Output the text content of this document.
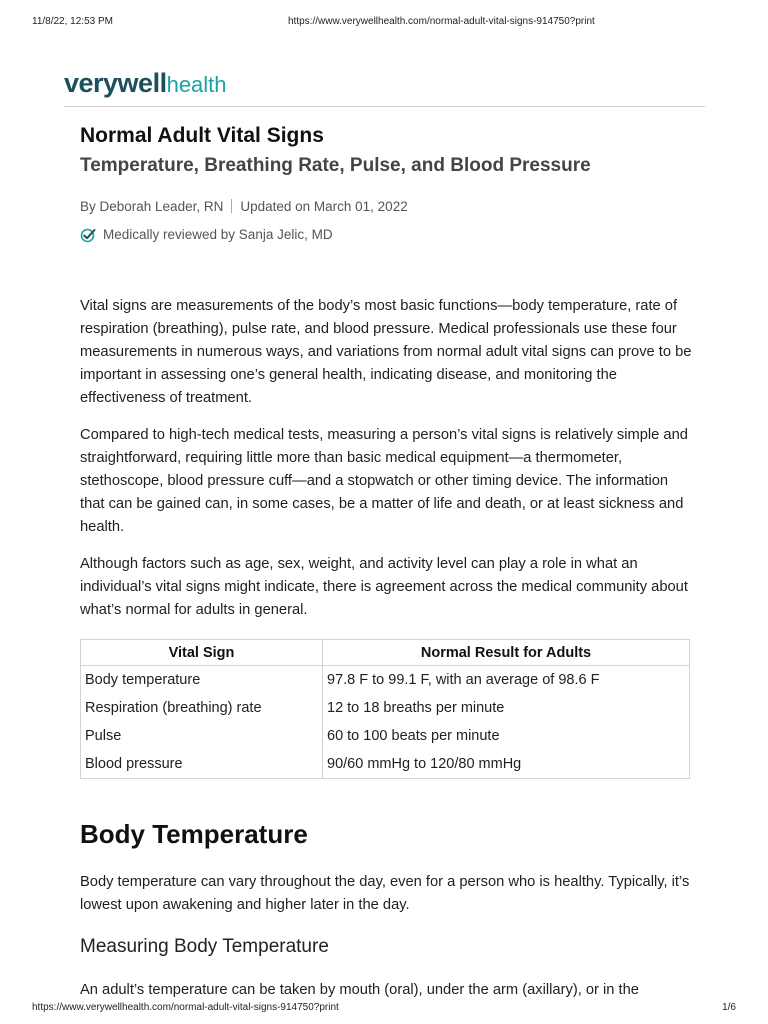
11/8/22, 12:53 PM	https://www.verywellhealth.com/normal-adult-vital-signs-914750?print
verywellhealth
Normal Adult Vital Signs
Temperature, Breathing Rate, Pulse, and Blood Pressure
By Deborah Leader, RN Updated on March 01, 2022
Medically reviewed by Sanja Jelic, MD

Vital signs are measurements of the body’s most basic functions—body temperature, rate of respiration (breathing), pulse rate, and blood pressure. Medical professionals use these four measurements in numerous ways, and variations from normal adult vital signs can prove to be important in assessing one’s general health, indicating disease, and monitoring the effectiveness of treatment.

Compared to high-tech medical tests, measuring a person’s vital signs is relatively simple and straightforward, requiring little more than basic medical equipment—a thermometer, stethoscope, blood pressure cuff—and a stopwatch or other timing device. The information that can be gained can, in some cases, be a matter of life and death, or at least sickness and health.

Although factors such as age, sex, weight, and activity level can play a role in what an individual’s vital signs might indicate, there is agreement across the medical community about what’s normal for adults in general.

Vital Sign	Normal Result for Adults
Body temperature	97.8 F to 99.1 F, with an average of 98.6 F
Respiration (breathing) rate	12 to 18 breaths per minute
Pulse	60 to 100 beats per minute
Blood pressure	90/60 mmHg to 120/80 mmHg
Body Temperature

Body temperature can vary throughout the day, even for a person who is healthy. Typically, it’s lowest upon awakening and higher later in the day.

Measuring Body Temperature

An adult’s temperature can be taken by mouth (oral), under the arm (axillary), or in the

https://www.verywellhealth.com/normal-adult-vital-signs-914750?print	1/6
